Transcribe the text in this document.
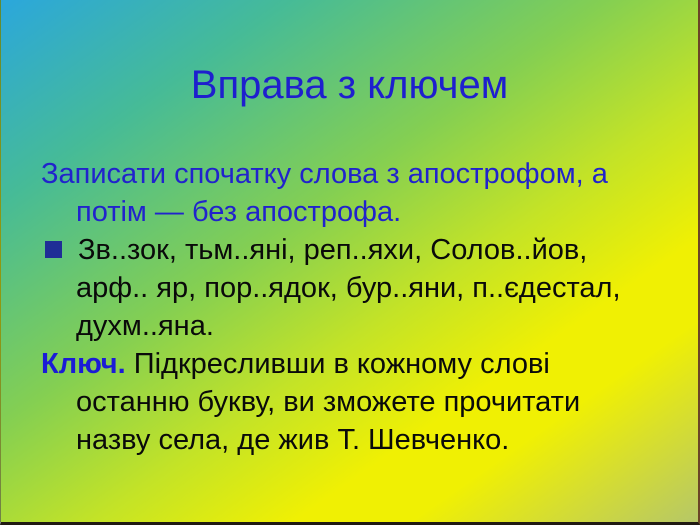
Вправа з ключем
Записати спочатку слова з апострофом, а
потім — без апострофа.
Зв..зок, тьм..яні, реп..яхи, Солов..йов,
арф.. яр, пор..ядок, бур..яни, п..єдестал,
духм..яна.
Ключ. Підкресливши в кожному слові
останню букву, ви зможете прочитати
назву села, де жив Т. Шевченко.
